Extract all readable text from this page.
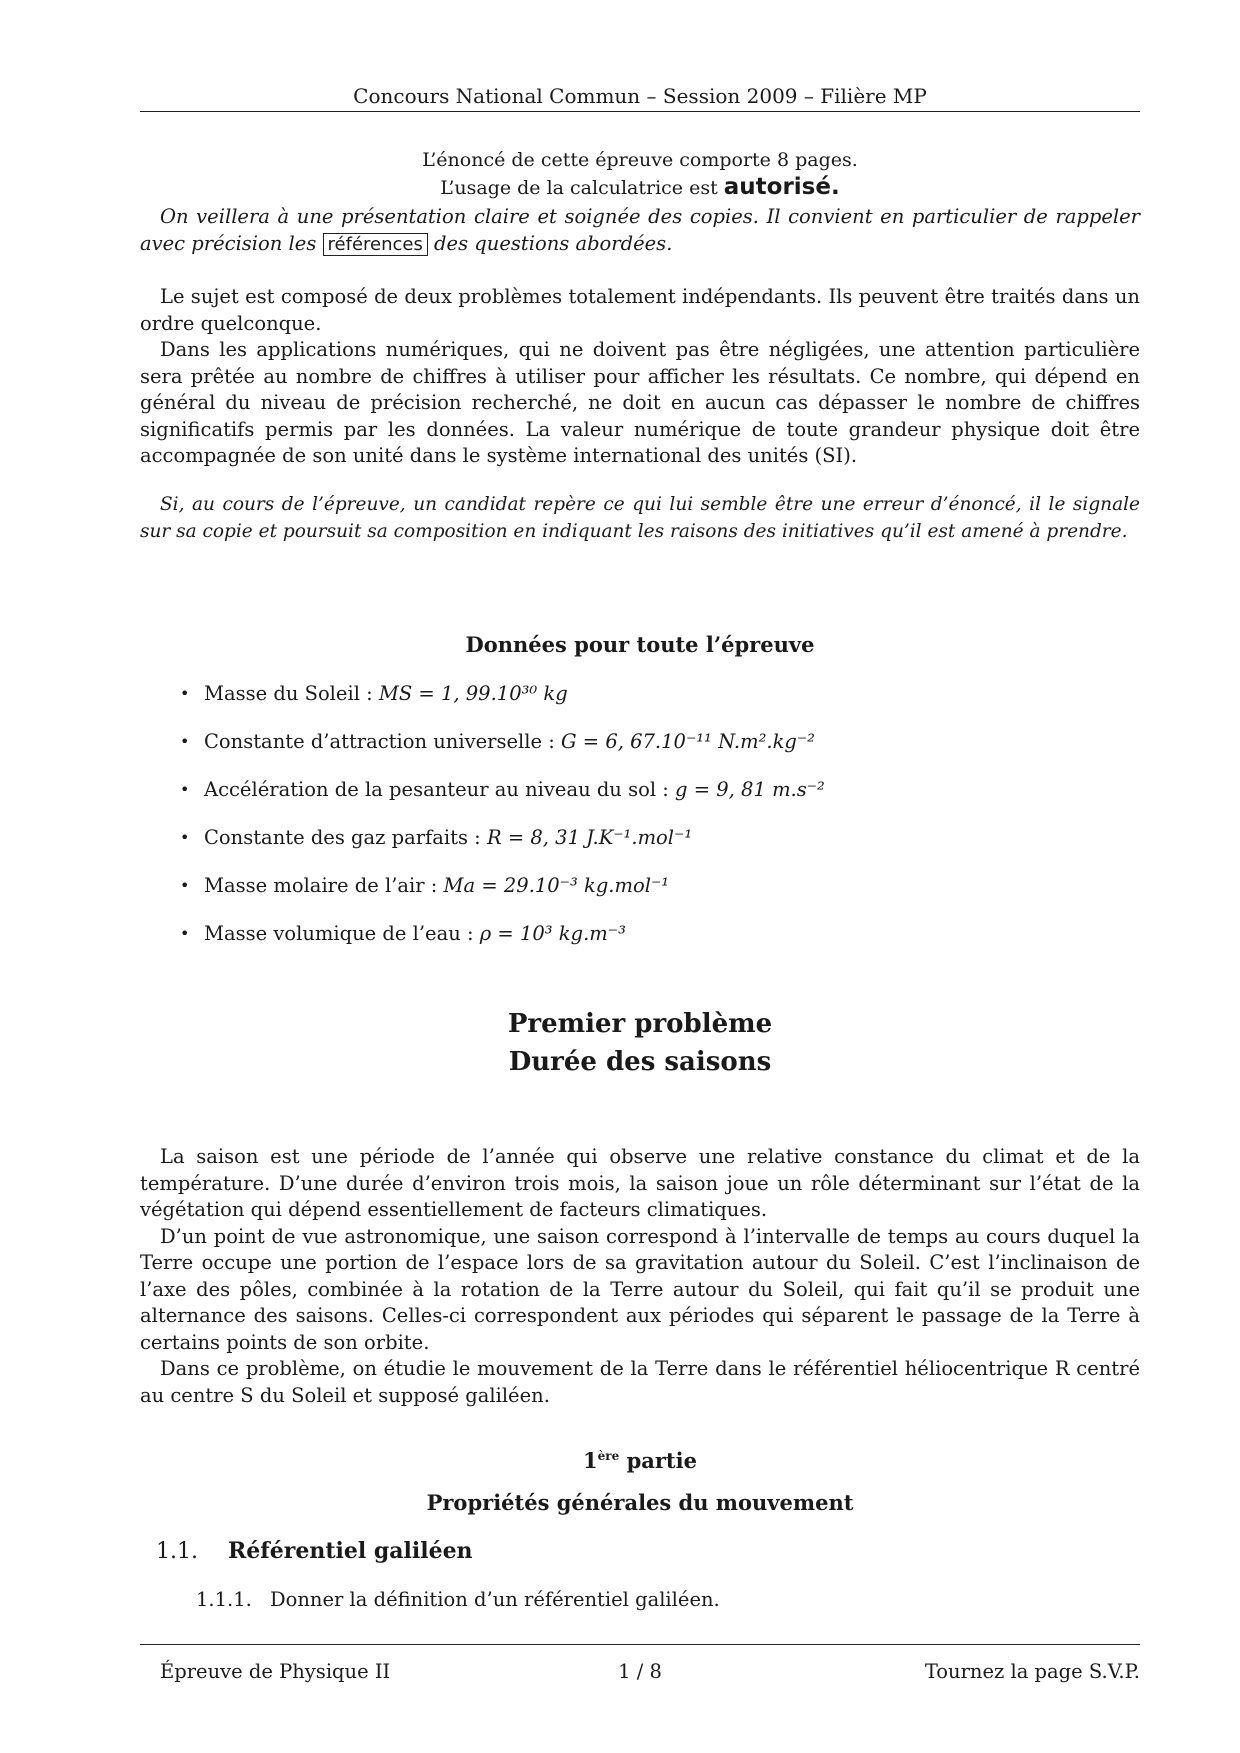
Concours National Commun – Session 2009 – Filière MP
L’énoncé de cette épreuve comporte 8 pages.
L’usage de la calculatrice est autorisé.

On veillera à une présentation claire et soignée des copies. Il convient en particulier de rappeler avec précision les références des questions abordées.

Le sujet est composé de deux problèmes totalement indépendants. Ils peuvent être traités dans un ordre quelconque.

Dans les applications numériques, qui ne doivent pas être négligées, une attention particulière sera prêtée au nombre de chiffres à utiliser pour afficher les résultats. Ce nombre, qui dépend en général du niveau de précision recherché, ne doit en aucun cas dépasser le nombre de chiffres significatifs permis par les données. La valeur numérique de toute grandeur physique doit être accompagnée de son unité dans le système international des unités (SI).

Si, au cours de l’épreuve, un candidat repère ce qui lui semble être une erreur d’énoncé, il le signale sur sa copie et poursuit sa composition en indiquant les raisons des initiatives qu’il est amené à prendre.

Données pour toute l’épreuve
• Masse du Soleil : MS = 1, 99.10³⁰ kg
• Constante d’attraction universelle : G = 6, 67.10⁻¹¹ N.m².kg⁻²
• Accélération de la pesanteur au niveau du sol : g = 9, 81 m.s⁻²
• Constante des gaz parfaits : R = 8, 31 J.K⁻¹.mol⁻¹
• Masse molaire de l’air : Ma = 29.10⁻³ kg.mol⁻¹
• Masse volumique de l’eau : ρ = 10³ kg.m⁻³
Premier problème
Durée des saisons

La saison est une période de l’année qui observe une relative constance du climat et de la température. D’une durée d’environ trois mois, la saison joue un rôle déterminant sur l’état de la végétation qui dépend essentiellement de facteurs climatiques.

D’un point de vue astronomique, une saison correspond à l’intervalle de temps au cours duquel la Terre occupe une portion de l’espace lors de sa gravitation autour du Soleil. C’est l’inclinaison de l’axe des pôles, combinée à la rotation de la Terre autour du Soleil, qui fait qu’il se produit une alternance des saisons. Celles-ci correspondent aux périodes qui séparent le passage de la Terre à certains points de son orbite.

Dans ce problème, on étudie le mouvement de la Terre dans le référentiel héliocentrique R centré au centre S du Soleil et supposé galiléen.

1ère partie
Propriétés générales du mouvement
1.1. Référentiel galiléen
1.1.1. Donner la définition d’un référentiel galiléen.
Épreuve de Physique II	1 / 8	Tournez la page S.V.P.
